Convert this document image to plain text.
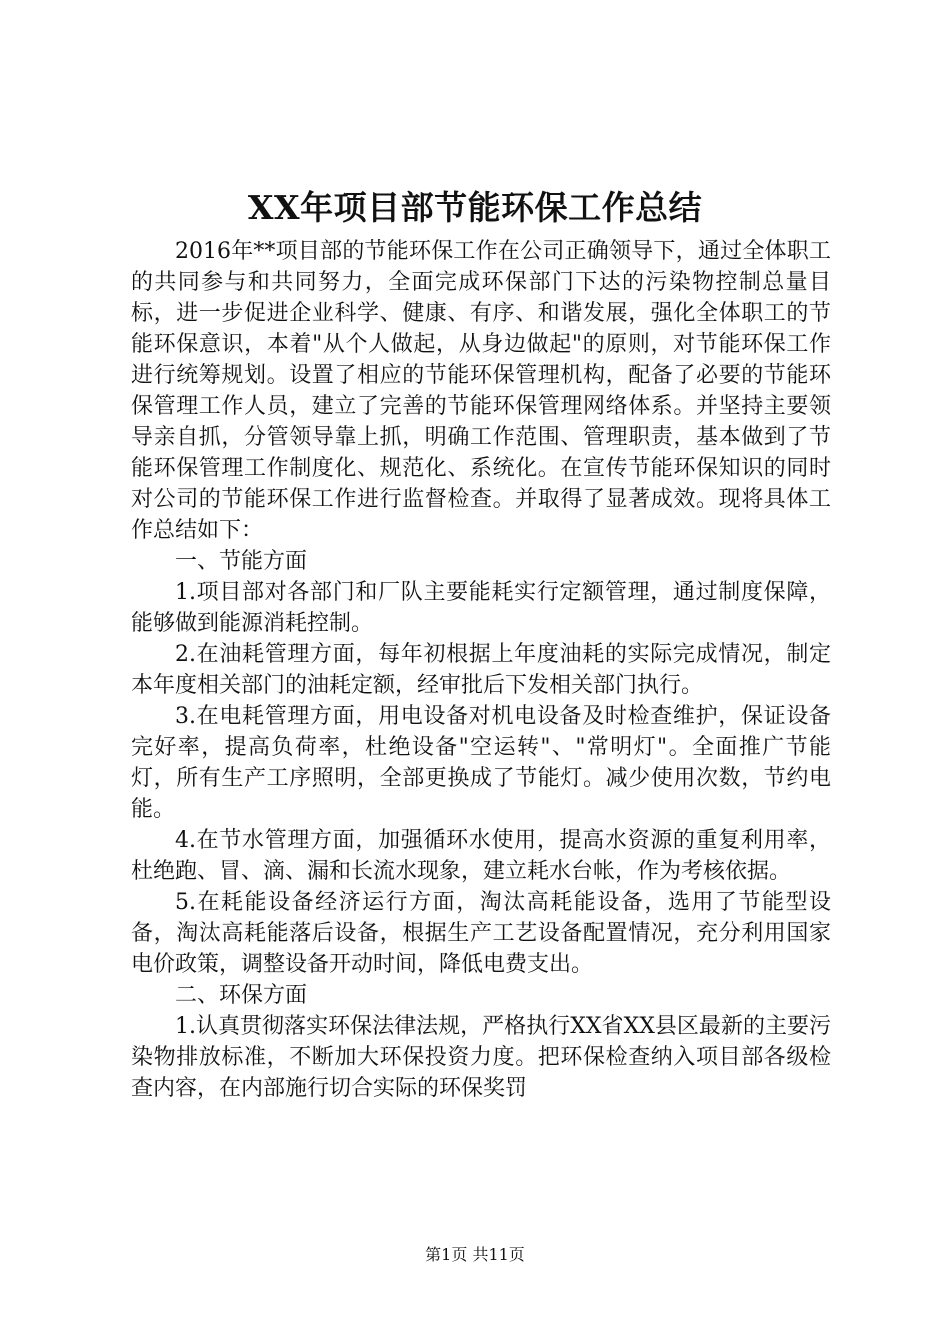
XX年项目部节能环保工作总结

2016年**项目部的节能环保工作在公司正确领导下，通过全体职工的共同参与和共同努力，全面完成环保部门下达的污染物控制总量目标，进一步促进企业科学、健康、有序、和谐发展，强化全体职工的节能环保意识，本着"从个人做起，从身边做起"的原则，对节能环保工作进行统筹规划。设置了相应的节能环保管理机构，配备了必要的节能环保管理工作人员，建立了完善的节能环保管理网络体系。并坚持主要领导亲自抓，分管领导靠上抓，明确工作范围、管理职责，基本做到了节能环保管理工作制度化、规范化、系统化。在宣传节能环保知识的同时对公司的节能环保工作进行监督检查。并取得了显著成效。现将具体工作总结如下：

一、节能方面

1.项目部对各部门和厂队主要能耗实行定额管理，通过制度保障，能够做到能源消耗控制。

2.在油耗管理方面，每年初根据上年度油耗的实际完成情况，制定本年度相关部门的油耗定额，经审批后下发相关部门执行。

3.在电耗管理方面，用电设备对机电设备及时检查维护，保证设备完好率，提高负荷率，杜绝设备"空运转"、"常明灯"。全面推广节能灯，所有生产工序照明，全部更换成了节能灯。减少使用次数，节约电能。

4.在节水管理方面，加强循环水使用，提高水资源的重复利用率，杜绝跑、冒、滴、漏和长流水现象，建立耗水台帐，作为考核依据。

5.在耗能设备经济运行方面，淘汰高耗能设备，选用了节能型设备，淘汰高耗能落后设备，根据生产工艺设备配置情况，充分利用国家电价政策，调整设备开动时间，降低电费支出。

二、环保方面

1.认真贯彻落实环保法律法规，严格执行XX省XX县区最新的主要污染物排放标准，不断加大环保投资力度。把环保检查纳入项目部各级检查内容，在内部施行切合实际的环保奖罚

第1页 共11页
